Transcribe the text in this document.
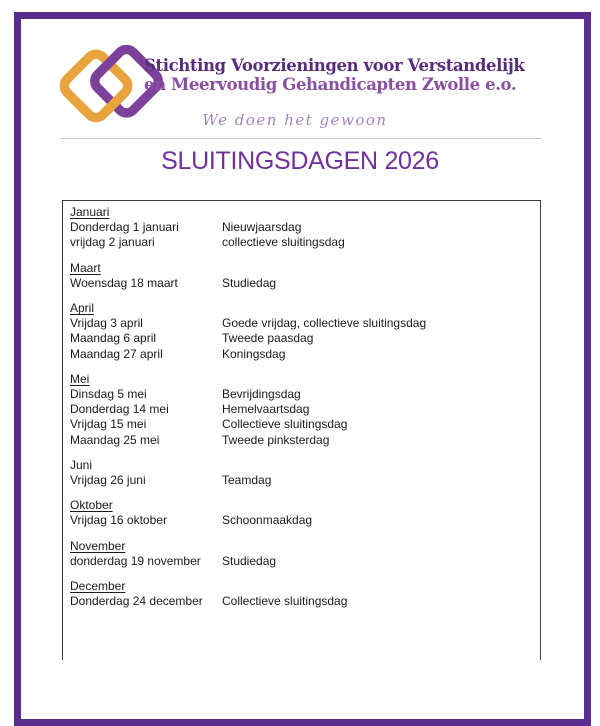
Stichting Voorzieningen voor Verstandelijk
en Meervoudig Gehandicapten Zwolle e.o.
We doen het gewoon
SLUITINGSDAGEN 2026
Januari
Donderdag 1 januari	Nieuwjaarsdag
vrijdag 2 januari	collectieve sluitingsdag
Maart
Woensdag 18 maart	Studiedag
April
Vrijdag 3 april	Goede vrijdag, collectieve sluitingsdag
Maandag 6 april	Tweede paasdag
Maandag 27 april	Koningsdag
Mei
Dinsdag 5 mei	Bevrijdingsdag
Donderdag 14 mei	Hemelvaartsdag
Vrijdag 15 mei	Collectieve sluitingsdag
Maandag 25 mei	Tweede pinksterdag
Juni
Vrijdag 26 juni	Teamdag
Oktober
Vrijdag 16 oktober	Schoonmaakdag
November
donderdag 19 november	Studiedag
December
Donderdag 24 december	Collectieve sluitingsdag
